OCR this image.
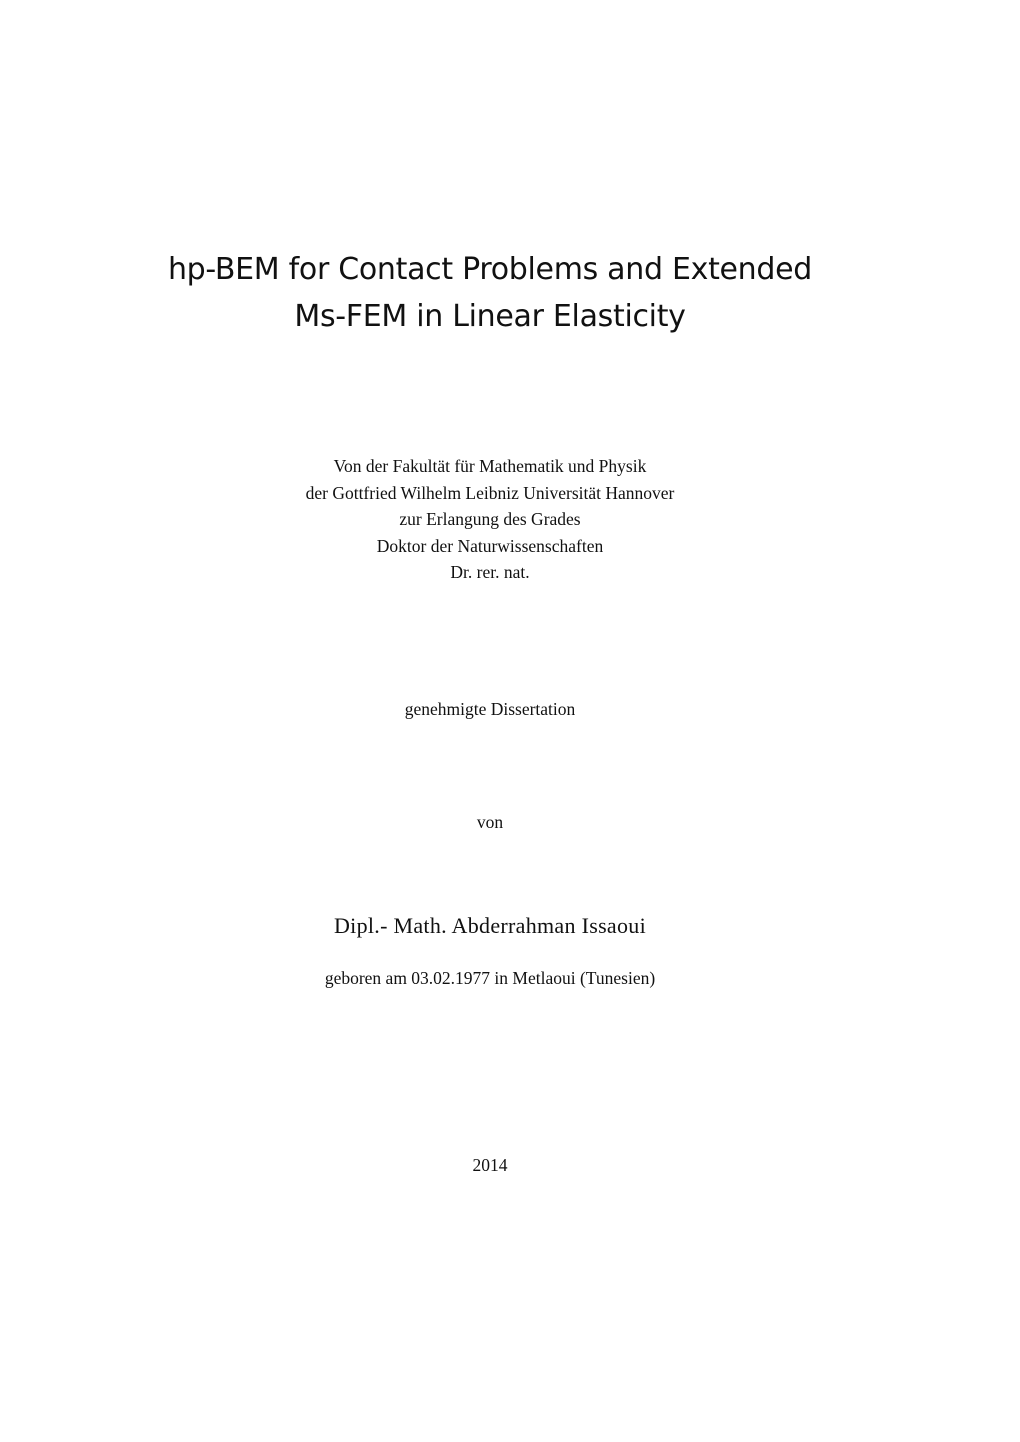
hp-BEM for Contact Problems and Extended
Ms-FEM in Linear Elasticity
Von der Fakultät für Mathematik und Physik
der Gottfried Wilhelm Leibniz Universität Hannover
zur Erlangung des Grades
Doktor der Naturwissenschaften
Dr. rer. nat.
genehmigte Dissertation
von
Dipl.- Math. Abderrahman Issaoui
geboren am 03.02.1977 in Metlaoui (Tunesien)
2014
